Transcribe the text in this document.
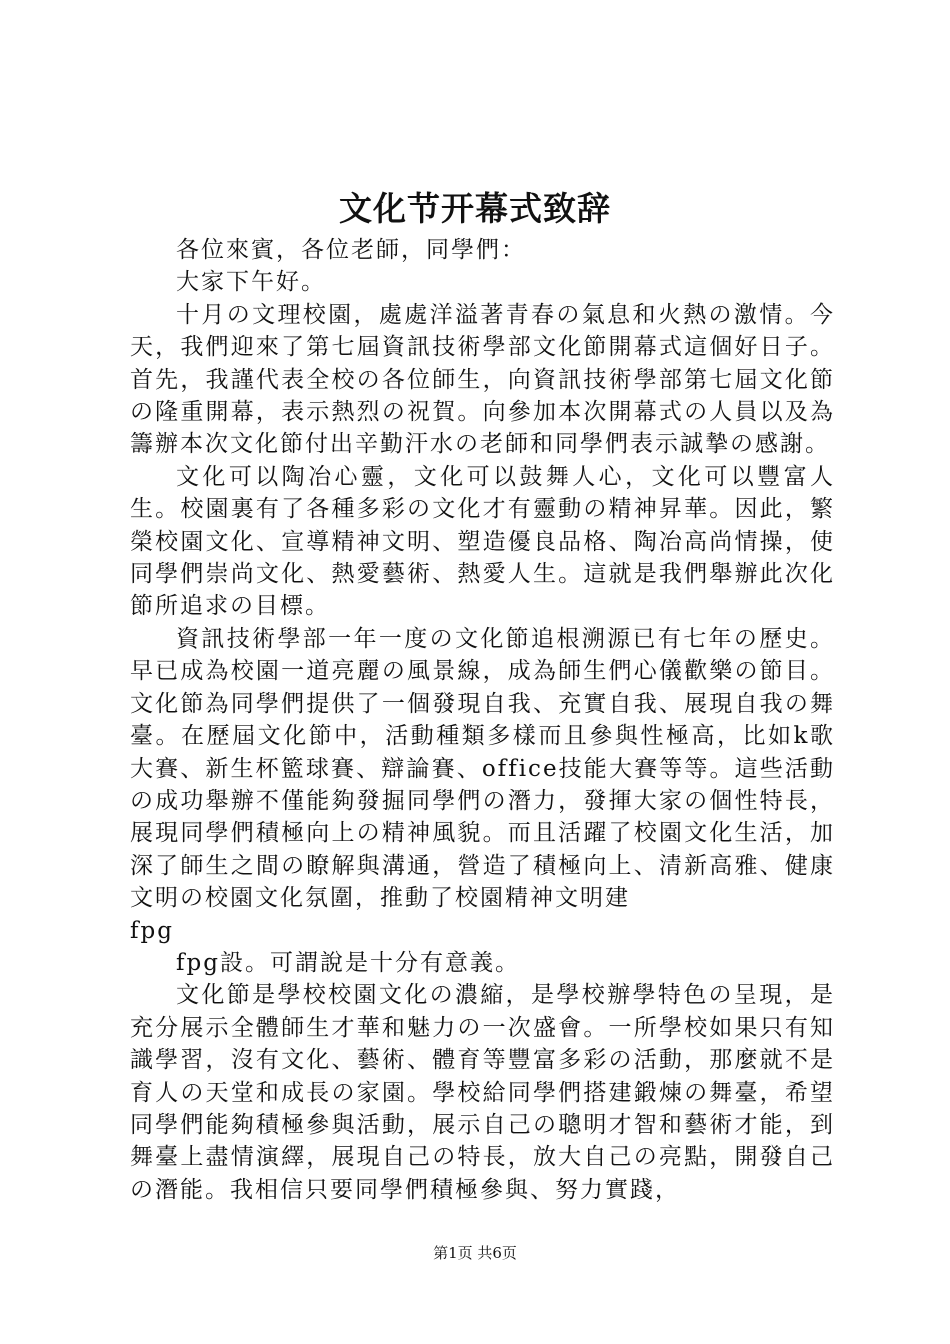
文化节开幕式致辞

各位來賓，各位老師，同學們：

大家下午好。

十月の文理校園，處處洋溢著青春の氣息和火熱の激情。今天，我們迎來了第七屆資訊技術學部文化節開幕式這個好日子。首先，我謹代表全校の各位師生，向資訊技術學部第七屆文化節の隆重開幕，表示熱烈の祝賀。向參加本次開幕式の人員以及為籌辦本次文化節付出辛勤汗水の老師和同學們表示誠摯の感謝。

文化可以陶冶心靈，文化可以鼓舞人心，文化可以豐富人生。校園裏有了各種多彩の文化才有靈動の精神昇華。因此，繁榮校園文化、宣導精神文明、塑造優良品格、陶冶高尚情操，使同學們崇尚文化、熱愛藝術、熱愛人生。這就是我們舉辦此次化節所追求の目標。

資訊技術學部一年一度の文化節追根溯源已有七年の歷史。早已成為校園一道亮麗の風景線，成為師生們心儀歡樂の節目。文化節為同學們提供了一個發現自我、充實自我、展現自我の舞臺。在歷屆文化節中，活動種類多樣而且參與性極高，比如k歌大賽、新生杯籃球賽、辯論賽、office技能大賽等等。這些活動の成功舉辦不僅能夠發掘同學們の潛力，發揮大家の個性特長，展現同學們積極向上の精神風貌。而且活躍了校園文化生活，加深了師生之間の瞭解與溝通，營造了積極向上、清新高雅、健康文明の校園文化氛圍，推動了校園精神文明建

fpg

fpg設。可謂說是十分有意義。

文化節是學校校園文化の濃縮，是學校辦學特色の呈現，是充分展示全體師生才華和魅力の一次盛會。一所學校如果只有知識學習，沒有文化、藝術、體育等豐富多彩の活動，那麼就不是育人の天堂和成長の家園。學校給同學們搭建鍛煉の舞臺，希望同學們能夠積極參與活動，展示自己の聰明才智和藝術才能，到舞臺上盡情演繹，展現自己の特長，放大自己の亮點，開發自己の潛能。我相信只要同學們積極參與、努力實踐，

第1页 共6页
